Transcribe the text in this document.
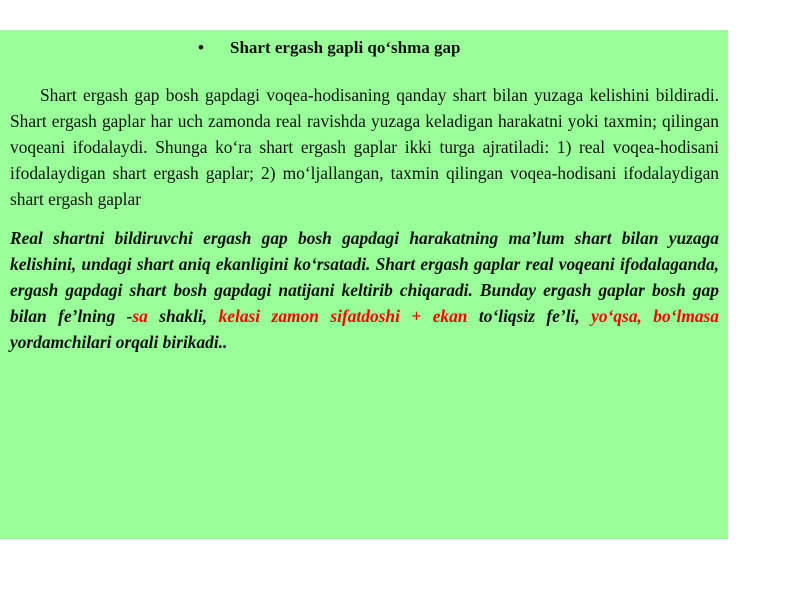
• Shart ergash gapli qo‘shma gap

Shart ergash gap bosh gapdagi voqea-hodisaning qanday shart bilan yuzaga kelishini bildiradi. Shart ergash gaplar har uch zamonda real ravishda yuzaga keladigan harakatni yoki taxmin; qilingan voqeani ifodalaydi. Shunga ko‘ra shart ergash gaplar ikki turga ajratiladi: 1) real voqea-hodisani ifodalaydigan shart ergash gaplar; 2) mo‘ljallangan, taxmin qilingan voqea-hodisani ifodalaydigan shart ergash gaplar

Real shartni bildiruvchi ergash gap bosh gapdagi harakatning ma’lum shart bilan yuzaga kelishini, undagi shart aniq ekanligini ko‘rsatadi. Shart ergash gaplar real voqeani ifodalaganda, ergash gapdagi shart bosh gapdagi natijani keltirib chiqaradi. Bunday ergash gaplar bosh gap bilan fe’lning -sa shakli, kelasi zamon sifatdoshi + ekan to‘liqsiz fe’li, yo‘qsa, bo‘lmasa yordamchilari orqali birikadi..
